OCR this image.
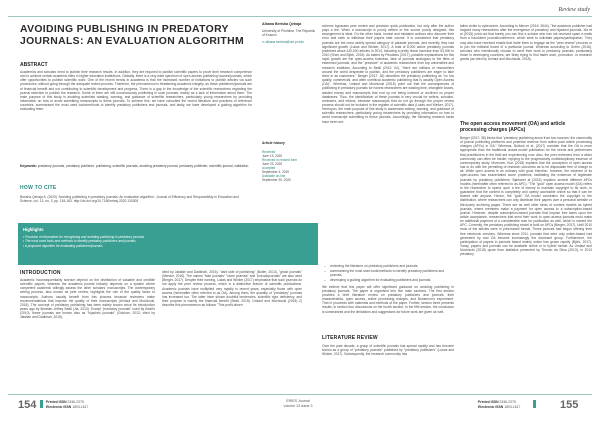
Review study
AVOIDING PUBLISHING IN PREDATORY JOURNALS: AN EVALUATION ALGORITHM
ABSTRACT
Academics and scholars need to publish their research results. In addition, they are required to publish scientific papers to prove their research competence and to achieve certain academic titles in higher education institutions. Globally, there is a very wide spectrum of open-access publishing houses/journals, which offer opportunities to publish scientific work. One of the recent trends in academia is that the increased number of invitations to publish articles via such procedures, without going through the adequate review process. Therefore, the phenomenon is threatening academic integrity, as these publishers/journals are of financial benefit and not contributing to scientific development and progress. There is a gap in the knowledge of the scientific researchers regarding the journal selection to publish the research. Some of them are still unconsciously publishing in such journals, mainly as a lack of information about them. The main purpose of this study is avoiding scientists wasting, warning, and guidance of scientific researchers, particularly young researchers by providing information on how to avoid submitting manuscripts to these journals. To achieve this, we have consulted the recent literature and practices of reference countries, summarised the most used tools/methods to identify predatory publishers and journals, and lastly, we have developed a guiding algorithm for evaluating them.
Keywords: predatory journals, predatory publisher, publishing, scientific journals, avoiding predatory journal, predatory publisher, scientific journal, validation
HOW TO CITE
Berisha Qehaja A. (2020) 'Avoiding publishing in predatory journals: An evaluation algorithm', Journal of Efficiency and Responsibility in Education and Science, vol. 13, no. 3, pp. 154-163. http://dx.doi.org/10.7160/eriesj.2020.130305
Albana Berisha Qehaja
University of Prishtina, The Republic of Kosovo
✉ albana.berisha@uni-pr.edu
Article history
Received
June 13, 2020
Received in revised form
June 23, 2020
Accepted
September 4, 2020
Available on-line
September 30, 2020
Highlights
• Provision of information for recognising and avoiding publishing in predatory journals
• The most used tools and methods to identify predatory publishers and journals
• A proposed algorithm for evaluating publishers/journals
INTRODUCTION
Academic inconsequentiality science depend on the distribution of valuable and credible scientific papers, whereas the academic journal industry depends on a system where competent academic willingly assess the other scholars' manuscripts. The contemporary writing process, also known as peer review, highlights the role of the quality factor to manuscripts. Authors usually benefit from this process because reviewers make recommendations that improve the quality of their manuscripts (Umlauf and Mochizuki, 2018). The concept of predatory publishing has been widely known since its introduction years ago by librarian Jeffrey Beall (Jia, 2013). Except "predatory journals" used by Beall's (2010), these journals are known also as "hijacked journals" (Gokhan, 2012; cited by Jalalian and Dadkhah, 2015),
cited by Jalalian and Dadkhah, 2015), "dark side of publishing" (Butler, 2013), "ghost journals" (Mercier, 2016). The names "fake journals" "clone journals" and "pseudojournals" are also used (Berger, 2017). Despite their naming, Lukas and Winker (2017) emphasise that such journals do not apply the peer review process, which is a distinctive feature of scientific publications. Academic journals have multiplied very rapidly in recent years, especially those with open access (hereinafter often referred to as OA). Among them, the quantity of "predatory" journals has increased too. The latter have shown doubtful tendencies, scientific rigor deficiency, and their purpose is mainly the financial benefit (Beall, 2015). Umlauf and Mochizuki (2018) 2) describe this phenomenon as follows "This profit-driven
scheme bypasses peer review and precision quick publication, but only after the author pays a fee. When a manuscript is poorly written or the source poorly designed, this arrangement is ideal. On the other hand, honest and mistaken authors who discover their error and seek to withdraw their papers later cannot. It is considered that predatory journals are the most widely spread category of parasite journals, and recently they had significant growth (Lukas and Winker, 2017). A total of 8,000 active predatory journals published about 420,000 articles in 2014, following a pretty linear increase from 53,000 in 2010 (Shen and Björk, 2015). As stated by Pecaibou (2017), possible explanations for this rapid growth are the open-access business, fake of journals analogous to the titles of esteemed journals, and the "pressure" of academic researchers from top universities and research institutes. According to Beall (2012: 54), "there are millions of researchers around the world desperate to publish, and the predatory publishers are eager to take them in as customers." Berger (2017: 26) describes the predatory publishing as "no low quality, commercial, and often unethical academic publishing that is usually Open Access (OA)". Whereas, Umlauf and Mochizuki (2018) point out that the consequences of publishing in predatory journals for honest researchers are wasting time, intangible losses, wasted money and manuscripts that end up not being indexed or archived on proper databases. Thus, the identification of these journals is very crucial for writers, scholars, reviewers, and editors, because manuscripts that do not go through the proper review process should not be included in the register of scientific data (Lukas and Winker, 2017). Hereupon, the main purpose of this study is awareness-raising, warning, and guidance of scientific researchers, particularly young researchers by providing information on how to avoid manuscript submitting to these journals. Accordingly, the following research tasks have been set:
– reviewing the literature on predatory publishers and journals,
– summarising the most used tools/methods to identify predatory publishers and journals,
– developing a guiding algorithm for evaluating publishers and journals.
We believe that this paper will offer significant guidance on avoiding publishing in predatory journals. The paper is organised into five main sections. The first section provides a brief literature review on predatory publishers and journals, their characteristics, open access, article processing charges, and Bohannon's experiment. Then it proceeds with materials and methods of the paper. Further, section three presents results, in section four discussions on the fourth section. In the fifth section, the conclusion is summarized and the limitations and suggestions for future work are given as well.
LITERATURE REVIEW
Over the past decade, a group of scientific journals has spread rapidly and has become known as a group of "predatory journals" published by "predatory publishers" (Lukas and Winker, 2017). Subsequently, the research community has
fallen victim to cybercrime. According to Mercer (2016: 3644), "the academic publisher had trapped many researchers after the emergence of predatory and hijacked journals. Xia et al (2015) point out that barely you can find a scholar who has not received spam e-mails from a fraudulent journal/conference, which seek to solicitate papers/participation. They may also have received emails that invite them to engage as the "peer-review" process or to join the editorial board of a particular journal. Whereas according to Green (2016), scholars who intentionally choose to send their work to predatory journals, particularly those in developing countries, are likely trying to find faster work, promotion, or research grants (as cited by Umlauf and Mochizuki, 2018).
The open access movement (OA) and article processing charges (APCs)
Berger (2017: 38) thinks that "predatory publishing arose from two sources: the commodity of journal publishing platforms and potential revenue from author-paid article processing charges (APCs) in OA." Whereas, Bullock et al. (2017) consider that the OA is more appropriate than the traditional closed-model publication for the needs and preferences that practitioners in the field are experiencing now. Also, the peer-reviewers from a wider community can often be harder, replying to the progressively multidisciplinary essence of contemporary study. Moreover, Kurt (2018) explains that the conception of open access has to do with the permitting of research outcomes as to be disposable free of charge to all. While open access is an ordinary with good intention, however, the essence of its open-access has exacerbated some problems, facilitating the existence of legitimate journals by predatory publishers. Bjarkaret al (2018) explains several different APCs models (hereinafter often referred to as APC). "The "gold" open access model (OA) refers to the researcher to spend upon a fee of money to maintain copyright to its work, to guarantee that the content is completely and openly accessible online so that it can be shared with anyone. Hence, the "gold" OA model constrains the copyright to the distribution, where researchers can only distribute their papers over a personal website or third-party archiving pages. There are as well other kinds of content models as hybrid journals, where members make a payment for open access to a subscription-based journal. However, despite subscription-based journals that impose free taxes upon the article acceptance, researchers that send their work to open-access journals must make an additional payment of a considerable sum for publication as well, which is named the APC. Currently, the predatory publishing model is built on APCs (Berger, 2017). Until 2010 most of the articles were in print-based format. These journals had begun offering their free electronic versions. Whereas since 2011, journals that were only online-based had generated by and OA became increasingly the dominant group. Furthermore, the participation of papers in journals based mainly online has grown rapidly (Björk, 2017). Today, papers and journals can be available online or in hybrid format. As Umlauf and Mochizuki (2018) quote from statistics presented by Tenorio da Silva (2013), in 2013 predatory
154	Printed ISSN 2336-2375
Electronic ISSN 1803-1617
ERIES Journal
volume 13 issue 3
Printed ISSN 2336-2375
Electronic ISSN 1803-1617	155
